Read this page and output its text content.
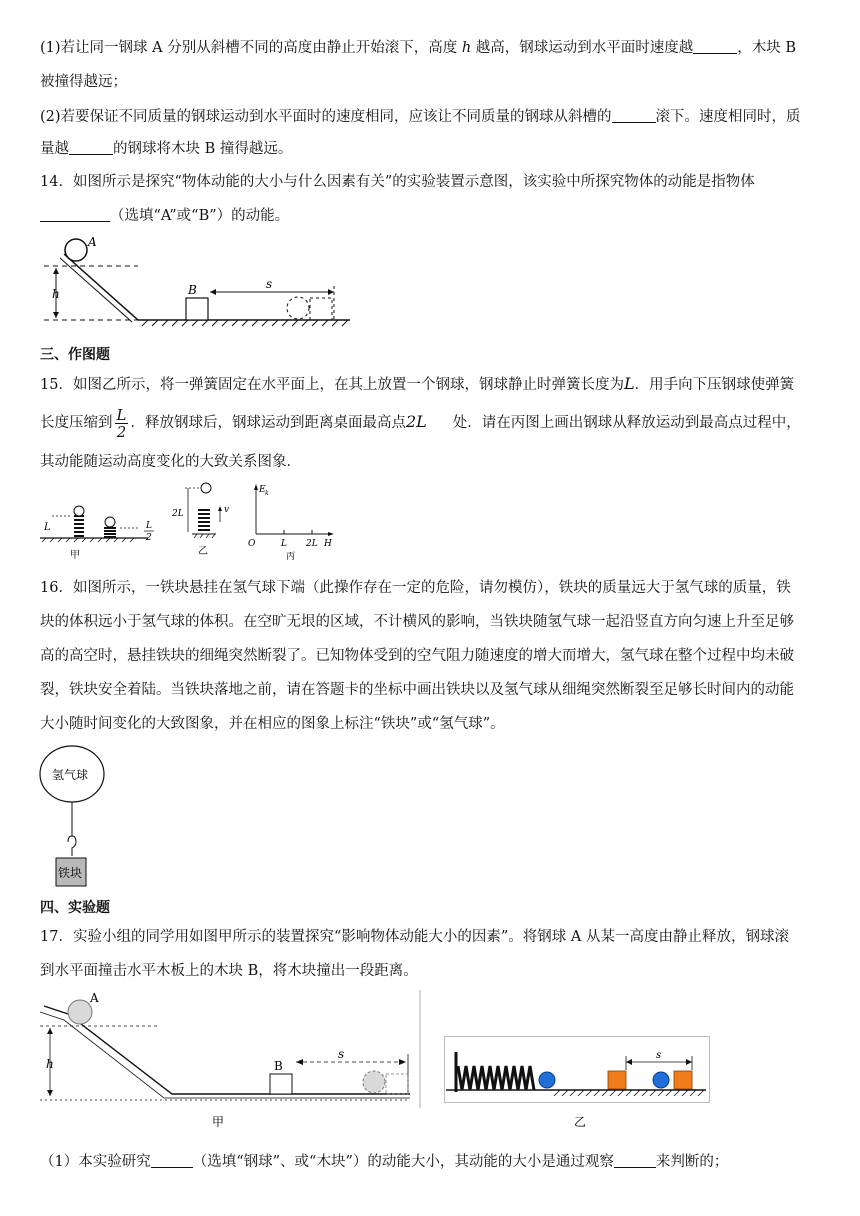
(1)若让同一钢球 A 分别从斜槽不同的高度由静止开始滚下，高度 h 越高，钢球运动到水平面时速度越	，木块 B
被撞得越远；
(2)若要保证不同质量的钢球运动到水平面时的速度相同，应该让不同质量的钢球从斜槽的	滚下。速度相同时，质
量越	的钢球将木块 B 撞得越远。
14．如图所示是探究“物体动能的大小与什么因素有关”的实验装置示意图，该实验中所探究物体的动能是指物体
（选填“A”或“B”）的动能。
h
A
B	s
三、作图题
15．如图乙所示，将一弹簧固定在水平面上，在其上放置一个钢球，钢球静止时弹簧长度为L．用手向下压钢球使弹簧
长度压缩到 $\frac{L}{2}$ ．释放钢球后，钢球运动到距离桌面最高点2L 处．请在丙图上画出钢球从释放运动到最高点过程中，
其动能随运动高度变化的大致关系图象．
L	L
2
甲
2L	v
乙
E k
O	L 2L H
丙
16．如图所示，一铁块悬挂在氢气球下端（此操作存在一定的危险，请勿模仿），铁块的质量远大于氢气球的质量，铁
块的体积远小于氢气球的体积。在空旷无垠的区域，不计横风的影响，当铁块随氢气球一起沿竖直方向匀速上升至足够
高的高空时，悬挂铁块的细绳突然断裂了。已知物体受到的空气阻力随速度的增大而增大，氢气球在整个过程中均未破
裂，铁块安全着陆。当铁块落地之前，请在答题卡的坐标中画出铁块以及氢气球从细绳突然断裂至足够长时间内的动能
大小随时间变化的大致图象，并在相应的图象上标注“铁块”或“氢气球”。
氢气球
铁块
四、实验题
17．实验小组的同学用如图甲所示的装置探究“影响物体动能大小的因素”。将钢球 A 从某一高度由静止释放，钢球滚
到水平面撞击水平木板上的木块 B，将木块撞出一段距离。
h
A
B
s
甲
s
乙
（1）本实验研究	（选填“钢球”、或“木块”）的动能大小，其动能的大小是通过观察	来判断的；
